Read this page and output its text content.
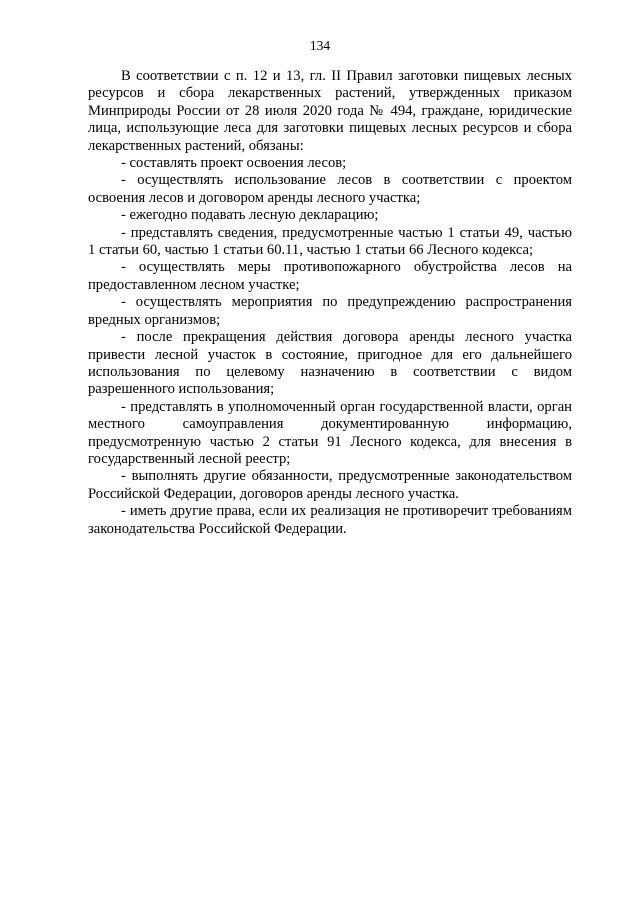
134

В соответствии с п. 12 и 13, гл. II Правил заготовки пищевых лесных ресурсов и сбора лекарственных растений, утвержденных приказом Минприроды России от 28 июля 2020 года № 494, граждане, юридические лица, использующие леса для заготовки пищевых лесных ресурсов и сбора лекарственных растений, обязаны:

- составлять проект освоения лесов;

- осуществлять использование лесов в соответствии с проектом освоения лесов и договором аренды лесного участка;

- ежегодно подавать лесную декларацию;

- представлять сведения, предусмотренные частью 1 статьи 49, частью 1 статьи 60, частью 1 статьи 60.11, частью 1 статьи 66 Лесного кодекса;

- осуществлять меры противопожарного обустройства лесов на предоставленном лесном участке;

- осуществлять мероприятия по предупреждению распространения вредных организмов;

- после прекращения действия договора аренды лесного участка привести лесной участок в состояние, пригодное для его дальнейшего использования по целевому назначению в соответствии с видом разрешенного использования;

- представлять в уполномоченный орган государственной власти, орган местного самоуправления документированную информацию, предусмотренную частью 2 статьи 91 Лесного кодекса, для внесения в государственный лесной реестр;

- выполнять другие обязанности, предусмотренные законодательством Российской Федерации, договоров аренды лесного участка.

- иметь другие права, если их реализация не противоречит требованиям законодательства Российской Федерации.
